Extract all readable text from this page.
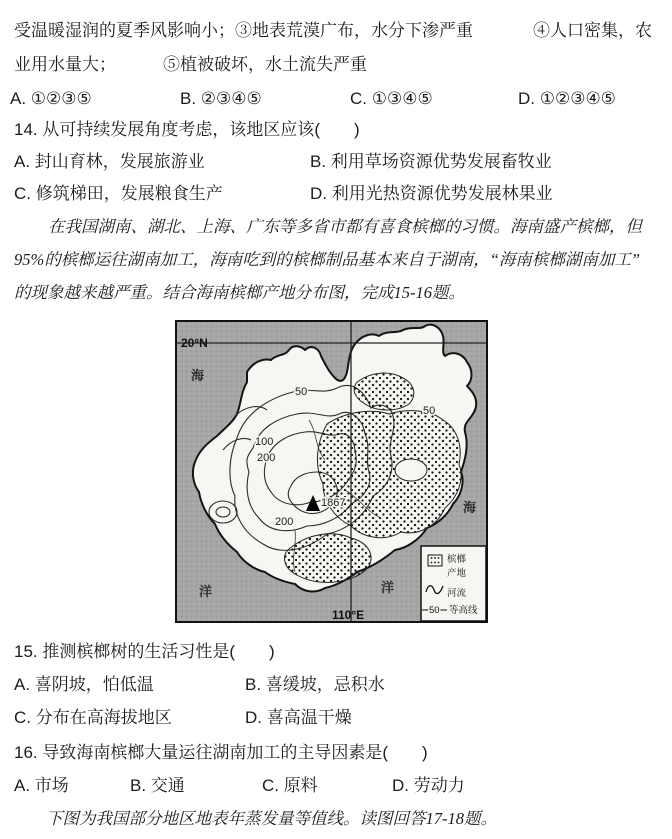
受温暖湿润的夏季风影响小；③地表荒漠广布，水分下渗严重	④人口密集，农
业用水量大；	⑤植被破坏，水土流失严重
A. ①②③⑤	B. ②③④⑤	C. ①③④⑤	D. ①②③④⑤
14. 从可持续发展角度考虑，该地区应该(　　)
A. 封山育林，发展旅游业	B. 利用草场资源优势发展畜牧业
C. 修筑梯田，发展粮食生产	D. 利用光热资源优势发展林果业
在我国湖南、湖北、上海、广东等多省市都有喜食槟榔的习惯。海南盛产槟榔，但
95%的槟榔运往湖南加工，海南吃到的槟榔制品基本来自于湖南，“海南槟榔湖南加工”
的现象越来越严重。结合海南槟榔产地分布图，完成15-16题。
1867
50
100
200
200
50
20°N
110°E
海
洋
海
洋
槟榔
产地
河流
50 等高线
15. 推测槟榔树的生活习性是(　　)
A. 喜阴坡，怕低温	B. 喜缓坡，忌积水
C. 分布在高海拔地区	D. 喜高温干燥
16. 导致海南槟榔大量运往湖南加工的主导因素是(　　)
A. 市场	B. 交通	C. 原料	D. 劳动力
下图为我国部分地区地表年蒸发量等值线。读图回答17-18题。
